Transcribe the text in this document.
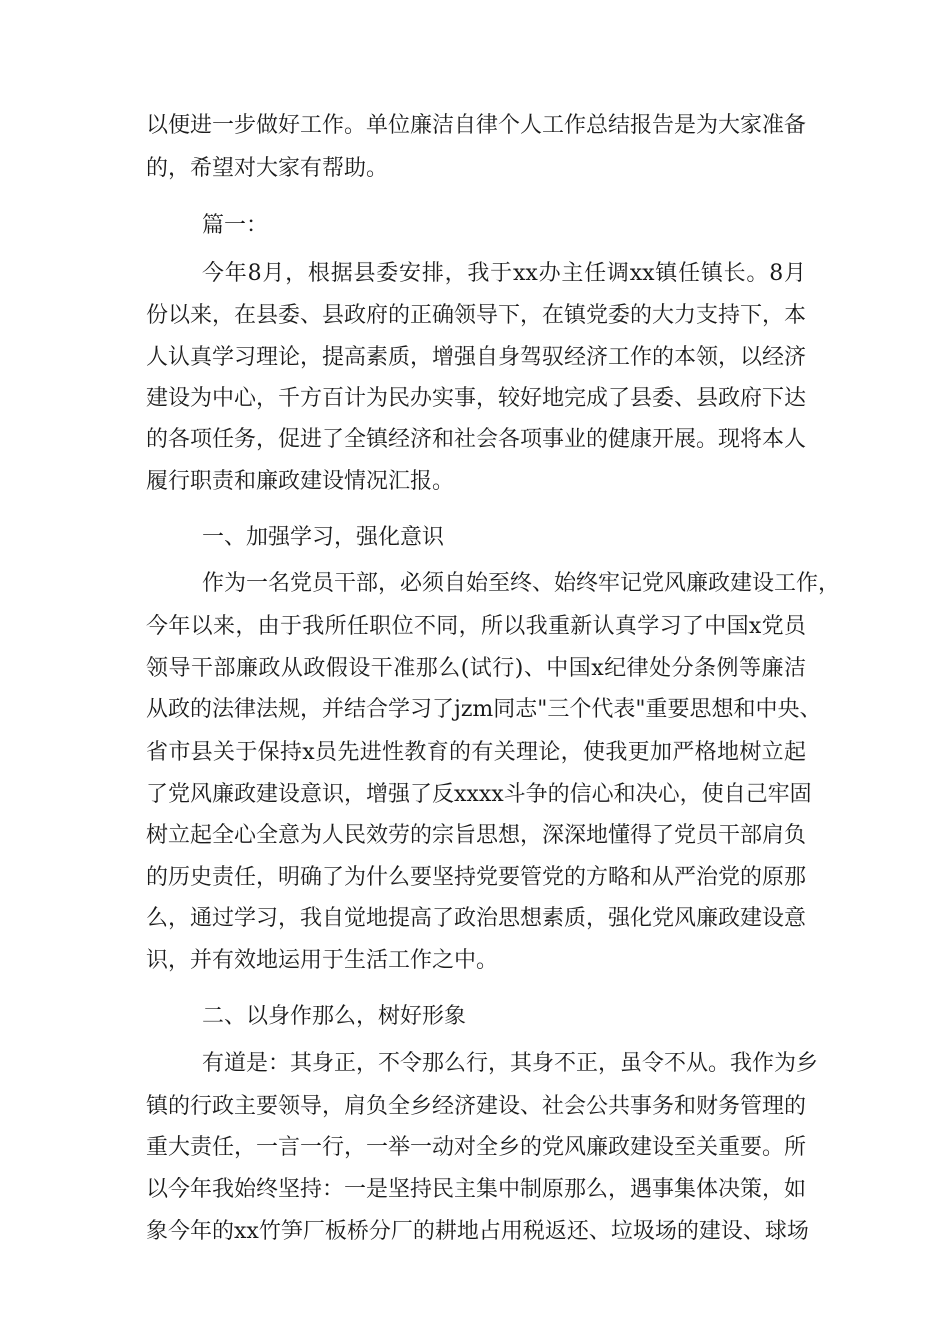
以便进一步做好工作。单位廉洁自律个人工作总结报告是为大家准备
的，希望对大家有帮助。
篇一：
今年8月，根据县委安排，我于xx办主任调xx镇任镇长。8月
份以来，在县委、县政府的正确领导下，在镇党委的大力支持下，本
人认真学习理论，提高素质，增强自身驾驭经济工作的本领，以经济
建设为中心，千方百计为民办实事，较好地完成了县委、县政府下达
的各项任务，促进了全镇经济和社会各项事业的健康开展。现将本人
履行职责和廉政建设情况汇报。
一、加强学习，强化意识
作为一名党员干部，必须自始至终、始终牢记党风廉政建设工作，
今年以来，由于我所任职位不同，所以我重新认真学习了中国x党员
领导干部廉政从政假设干准那么(试行)、中国x纪律处分条例等廉洁
从政的法律法规，并结合学习了jzm同志"三个代表"重要思想和中央、
省市县关于保持x员先进性教育的有关理论，使我更加严格地树立起
了党风廉政建设意识，增强了反xxxx斗争的信心和决心，使自己牢固
树立起全心全意为人民效劳的宗旨思想，深深地懂得了党员干部肩负
的历史责任，明确了为什么要坚持党要管党的方略和从严治党的原那
么，通过学习，我自觉地提高了政治思想素质，强化党风廉政建设意
识，并有效地运用于生活工作之中。
二、以身作那么，树好形象
有道是：其身正，不令那么行，其身不正，虽令不从。我作为乡
镇的行政主要领导，肩负全乡经济建设、社会公共事务和财务管理的
重大责任，一言一行，一举一动对全乡的党风廉政建设至关重要。所
以今年我始终坚持：一是坚持民主集中制原那么，遇事集体决策，如
象今年的xx竹笋厂板桥分厂的耕地占用税返还、垃圾场的建设、球场
